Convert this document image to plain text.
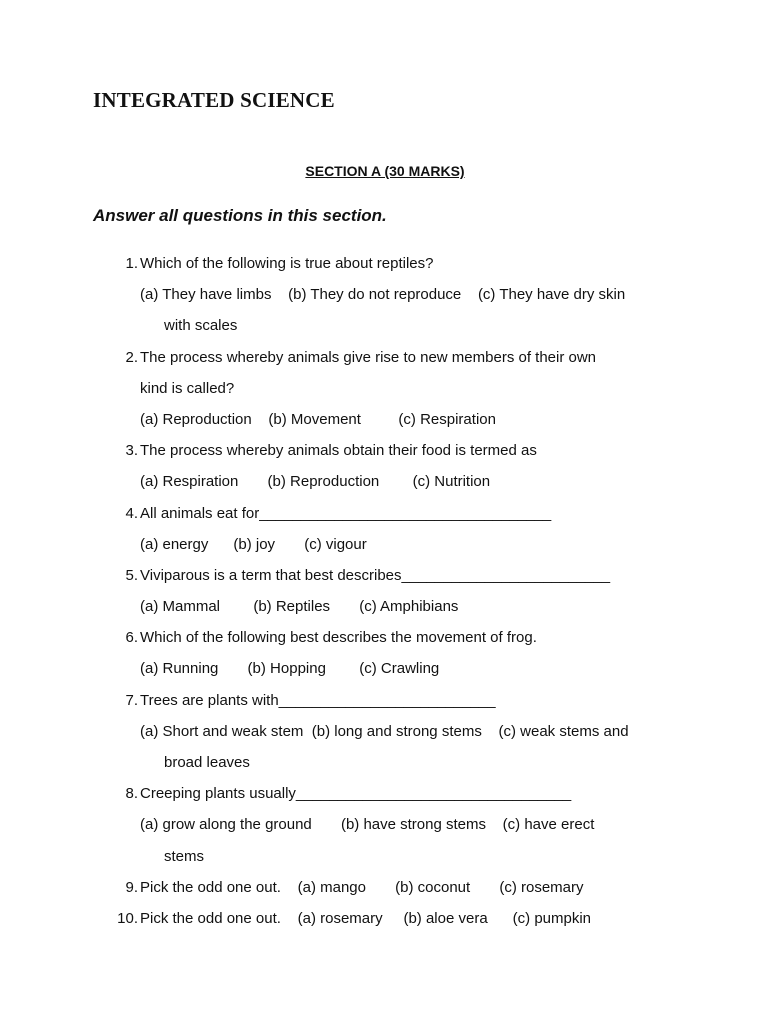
INTEGRATED SCIENCE
SECTION A (30 MARKS)
Answer all questions in this section.
1. Which of the following is true about reptiles?
(a) They have limbs    (b) They do not reproduce    (c) They have dry skin
with scales
2. The process whereby animals give rise to new members of their own
kind is called?
(a) Reproduction    (b) Movement         (c) Respiration
3. The process whereby animals obtain their food is termed as
(a) Respiration       (b) Reproduction        (c) Nutrition
4. All animals eat for___________________________________
(a) energy      (b) joy       (c) vigour
5. Viviparous is a term that best describes_________________________
(a) Mammal        (b) Reptiles       (c) Amphibians
6. Which of the following best describes the movement of frog.
(a) Running       (b) Hopping        (c) Crawling
7. Trees are plants with__________________________
(a) Short and weak stem  (b) long and strong stems    (c) weak stems and
broad leaves
8. Creeping plants usually_________________________________
(a) grow along the ground       (b) have strong stems    (c) have erect
stems
9. Pick the odd one out.    (a) mango       (b) coconut       (c) rosemary
10. Pick the odd one out.    (a) rosemary     (b) aloe vera      (c) pumpkin
